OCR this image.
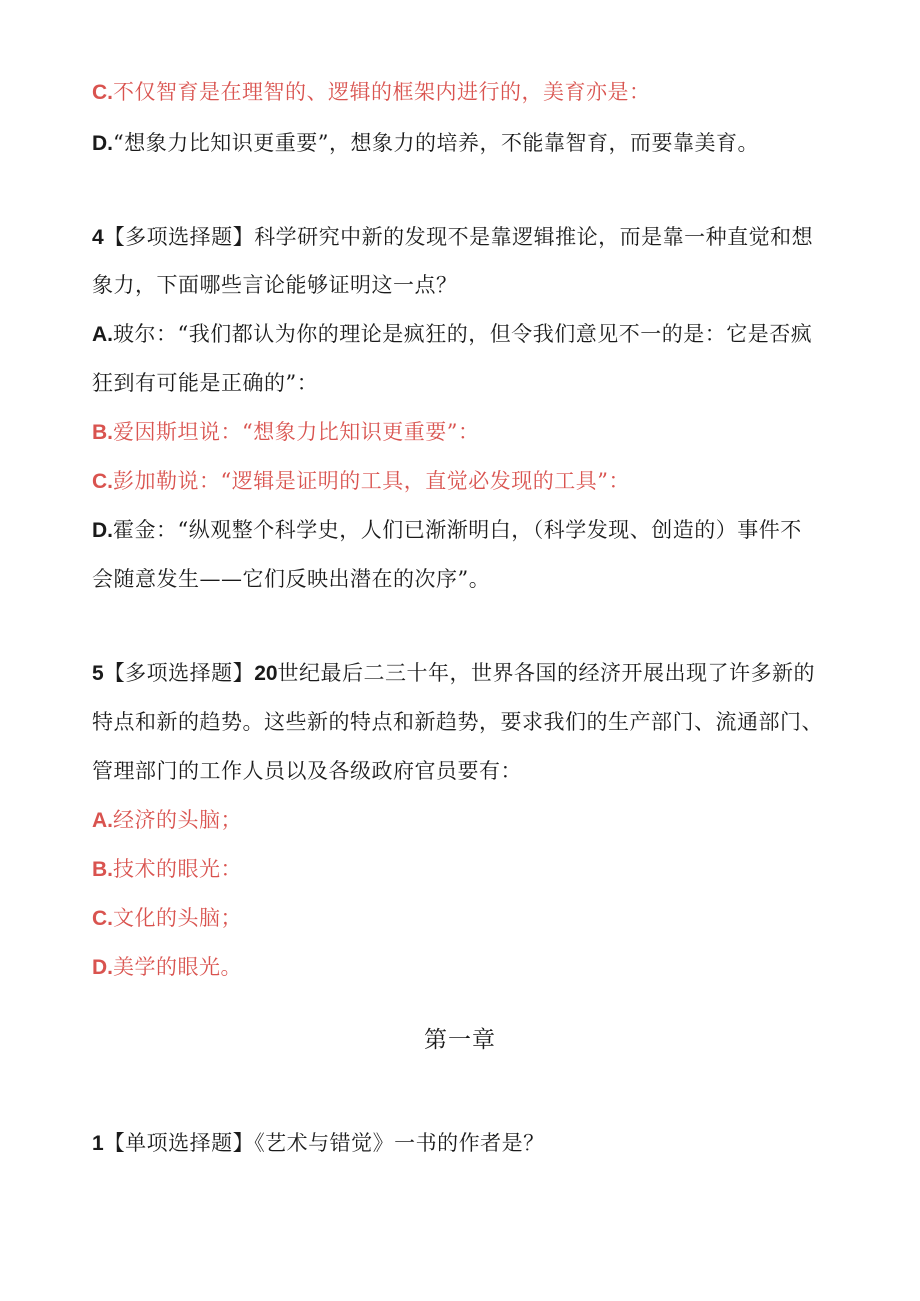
C.不仅智育是在理智的、逻辑的框架内进行的，美育亦是：
D.“想象力比知识更重要”，想象力的培养，不能靠智育，而要靠美育。
4【多项选择题】科学研究中新的发现不是靠逻辑推论，而是靠一种直觉和想
象力，下面哪些言论能够证明这一点？
A.玻尔：“我们都认为你的理论是疯狂的，但令我们意见不一的是：它是否疯
狂到有可能是正确的”：
B.爱因斯坦说：“想象力比知识更重要”：
C.彭加勒说：“逻辑是证明的工具，直觉必发现的工具”：
D.霍金：“纵观整个科学史，人们已渐渐明白，（科学发现、创造的）事件不
会随意发生——它们反映出潜在的次序”。
5【多项选择题】20世纪最后二三十年，世界各国的经济开展出现了许多新的
特点和新的趋势。这些新的特点和新趋势，要求我们的生产部门、流通部门、
管理部门的工作人员以及各级政府官员要有：
A.经济的头脑；
B.技术的眼光：
C.文化的头脑；
D.美学的眼光。
第一章
1【单项选择题】《艺术与错觉》一书的作者是？
